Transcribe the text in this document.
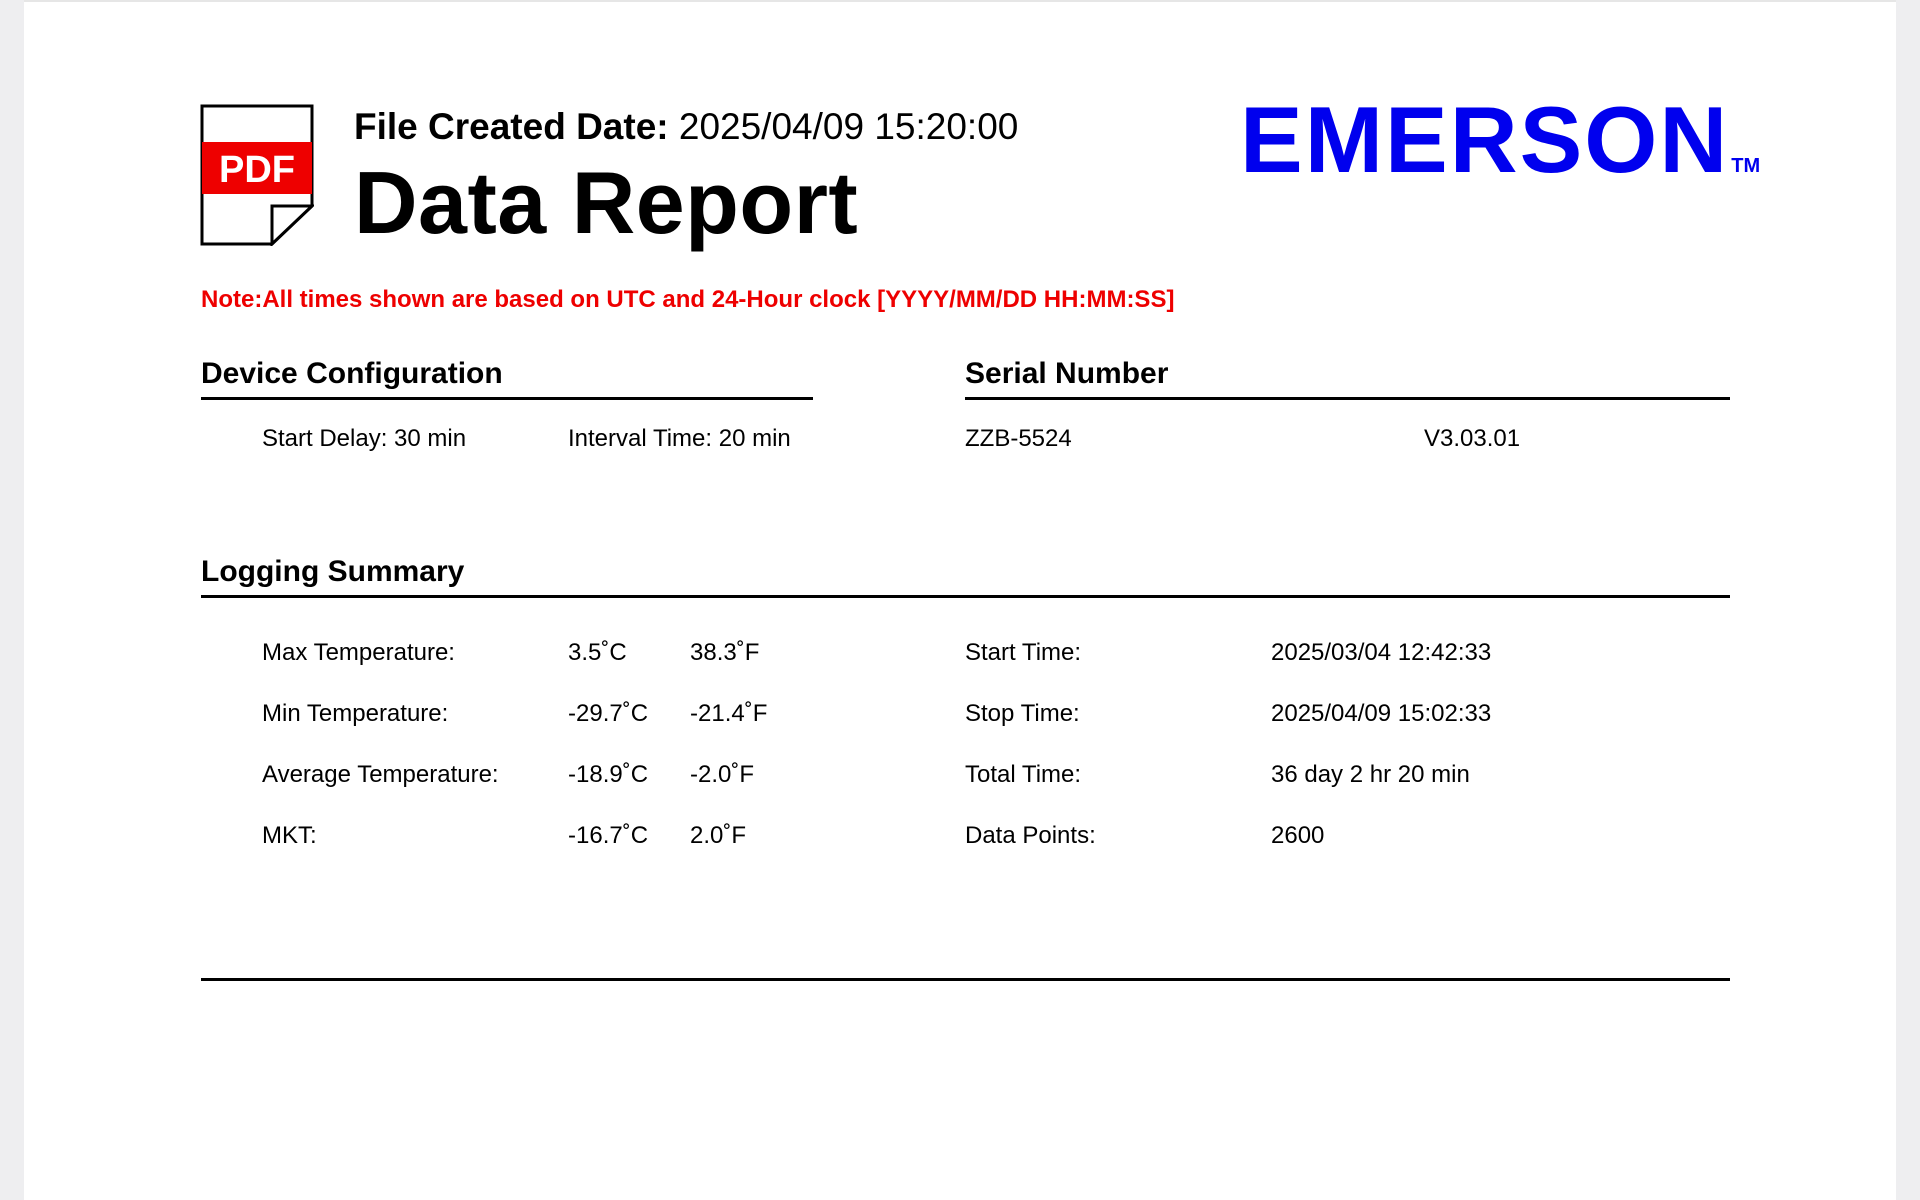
PDF
File Created Date: 2025/04/09 15:20:00
Data Report
EMERSON TM
Note:All times shown are based on UTC and 24-Hour clock [YYYY/MM/DD HH:MM:SS]
Device Configuration
Start Delay: 30 min	Interval Time: 20 min
Serial Number
ZZB-5524	V3.03.01
Logging Summary
Max Temperature:	3.5˚C	38.3˚F
Min Temperature:	-29.7˚C -21.4˚F
Average Temperature:	-18.9˚C -2.0˚F
MKT:	-16.7˚C 2.0˚F
Start Time:	2025/03/04 12:42:33
Stop Time:	2025/04/09 15:02:33
Total Time:	36 day 2 hr 20 min
Data Points:	2600
